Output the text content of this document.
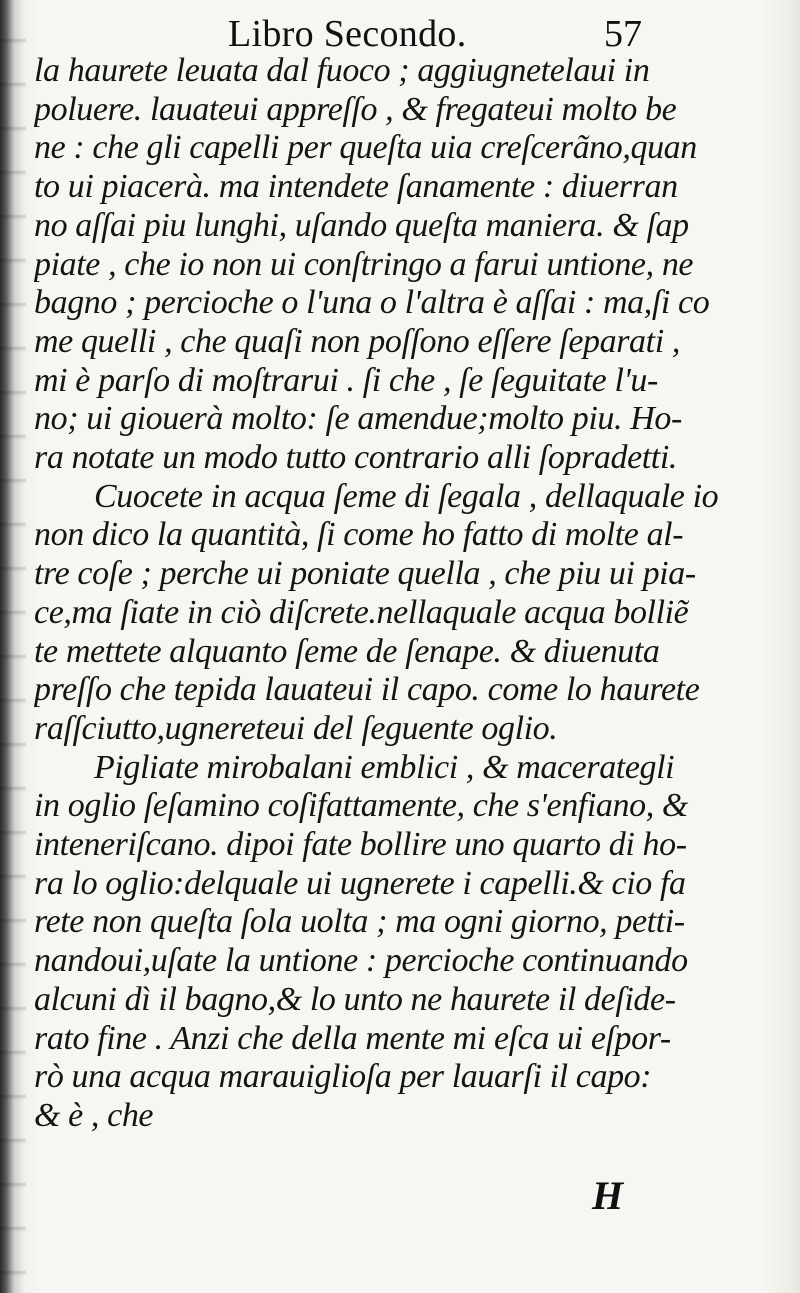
Libro Secondo.	57
la haurete leuata dal fuoco ; aggiugnetelaui in
poluere. lauateui appreſſo , & fregateui molto be
ne : che gli capelli per queſta uia creſcerãno,quan
to ui piacerà. ma intendete ſanamente : diuerran
no aſſai piu lunghi, uſando queſta maniera. & ſap
piate , che io non ui conſtringo a farui untione, ne
bagno ; percioche o l'una o l'altra è aſſai : ma,ſi co
me quelli , che quaſi non poſſono eſſere ſeparati ,
mi è parſo di moſtrarui . ſi che , ſe ſeguitate l'u-
no; ui giouerà molto: ſe amendue;molto piu. Ho-
ra notate un modo tutto contrario alli ſopradetti.
Cuocete in acqua ſeme di ſegala , dellaquale io
non dico la quantità, ſi come ho fatto di molte al-
tre coſe ; perche ui poniate quella , che piu ui pia-
ce,ma ſiate in ciò diſcrete.nellaquale acqua bolliẽ
te mettete alquanto ſeme de ſenape. & diuenuta
preſſo che tepida lauateui il capo. come lo haurete
raſſciutto,ugnereteui del ſeguente oglio.
Pigliate mirobalani emblici , & macerategli
in oglio ſeſamino coſifattamente, che s'enfiano, &
inteneriſcano. dipoi fate bollire uno quarto di ho-
ra lo oglio:delquale ui ugnerete i capelli.& cio fa
rete non queſta ſola uolta ; ma ogni giorno, petti-
nandoui,uſate la untione : percioche continuando
alcuni dì il bagno,& lo unto ne haurete il deſide-
rato fine . Anzi che della mente mi eſca ui eſpor-
rò una acqua marauiglioſa per lauarſi il capo:
& è , che
H
